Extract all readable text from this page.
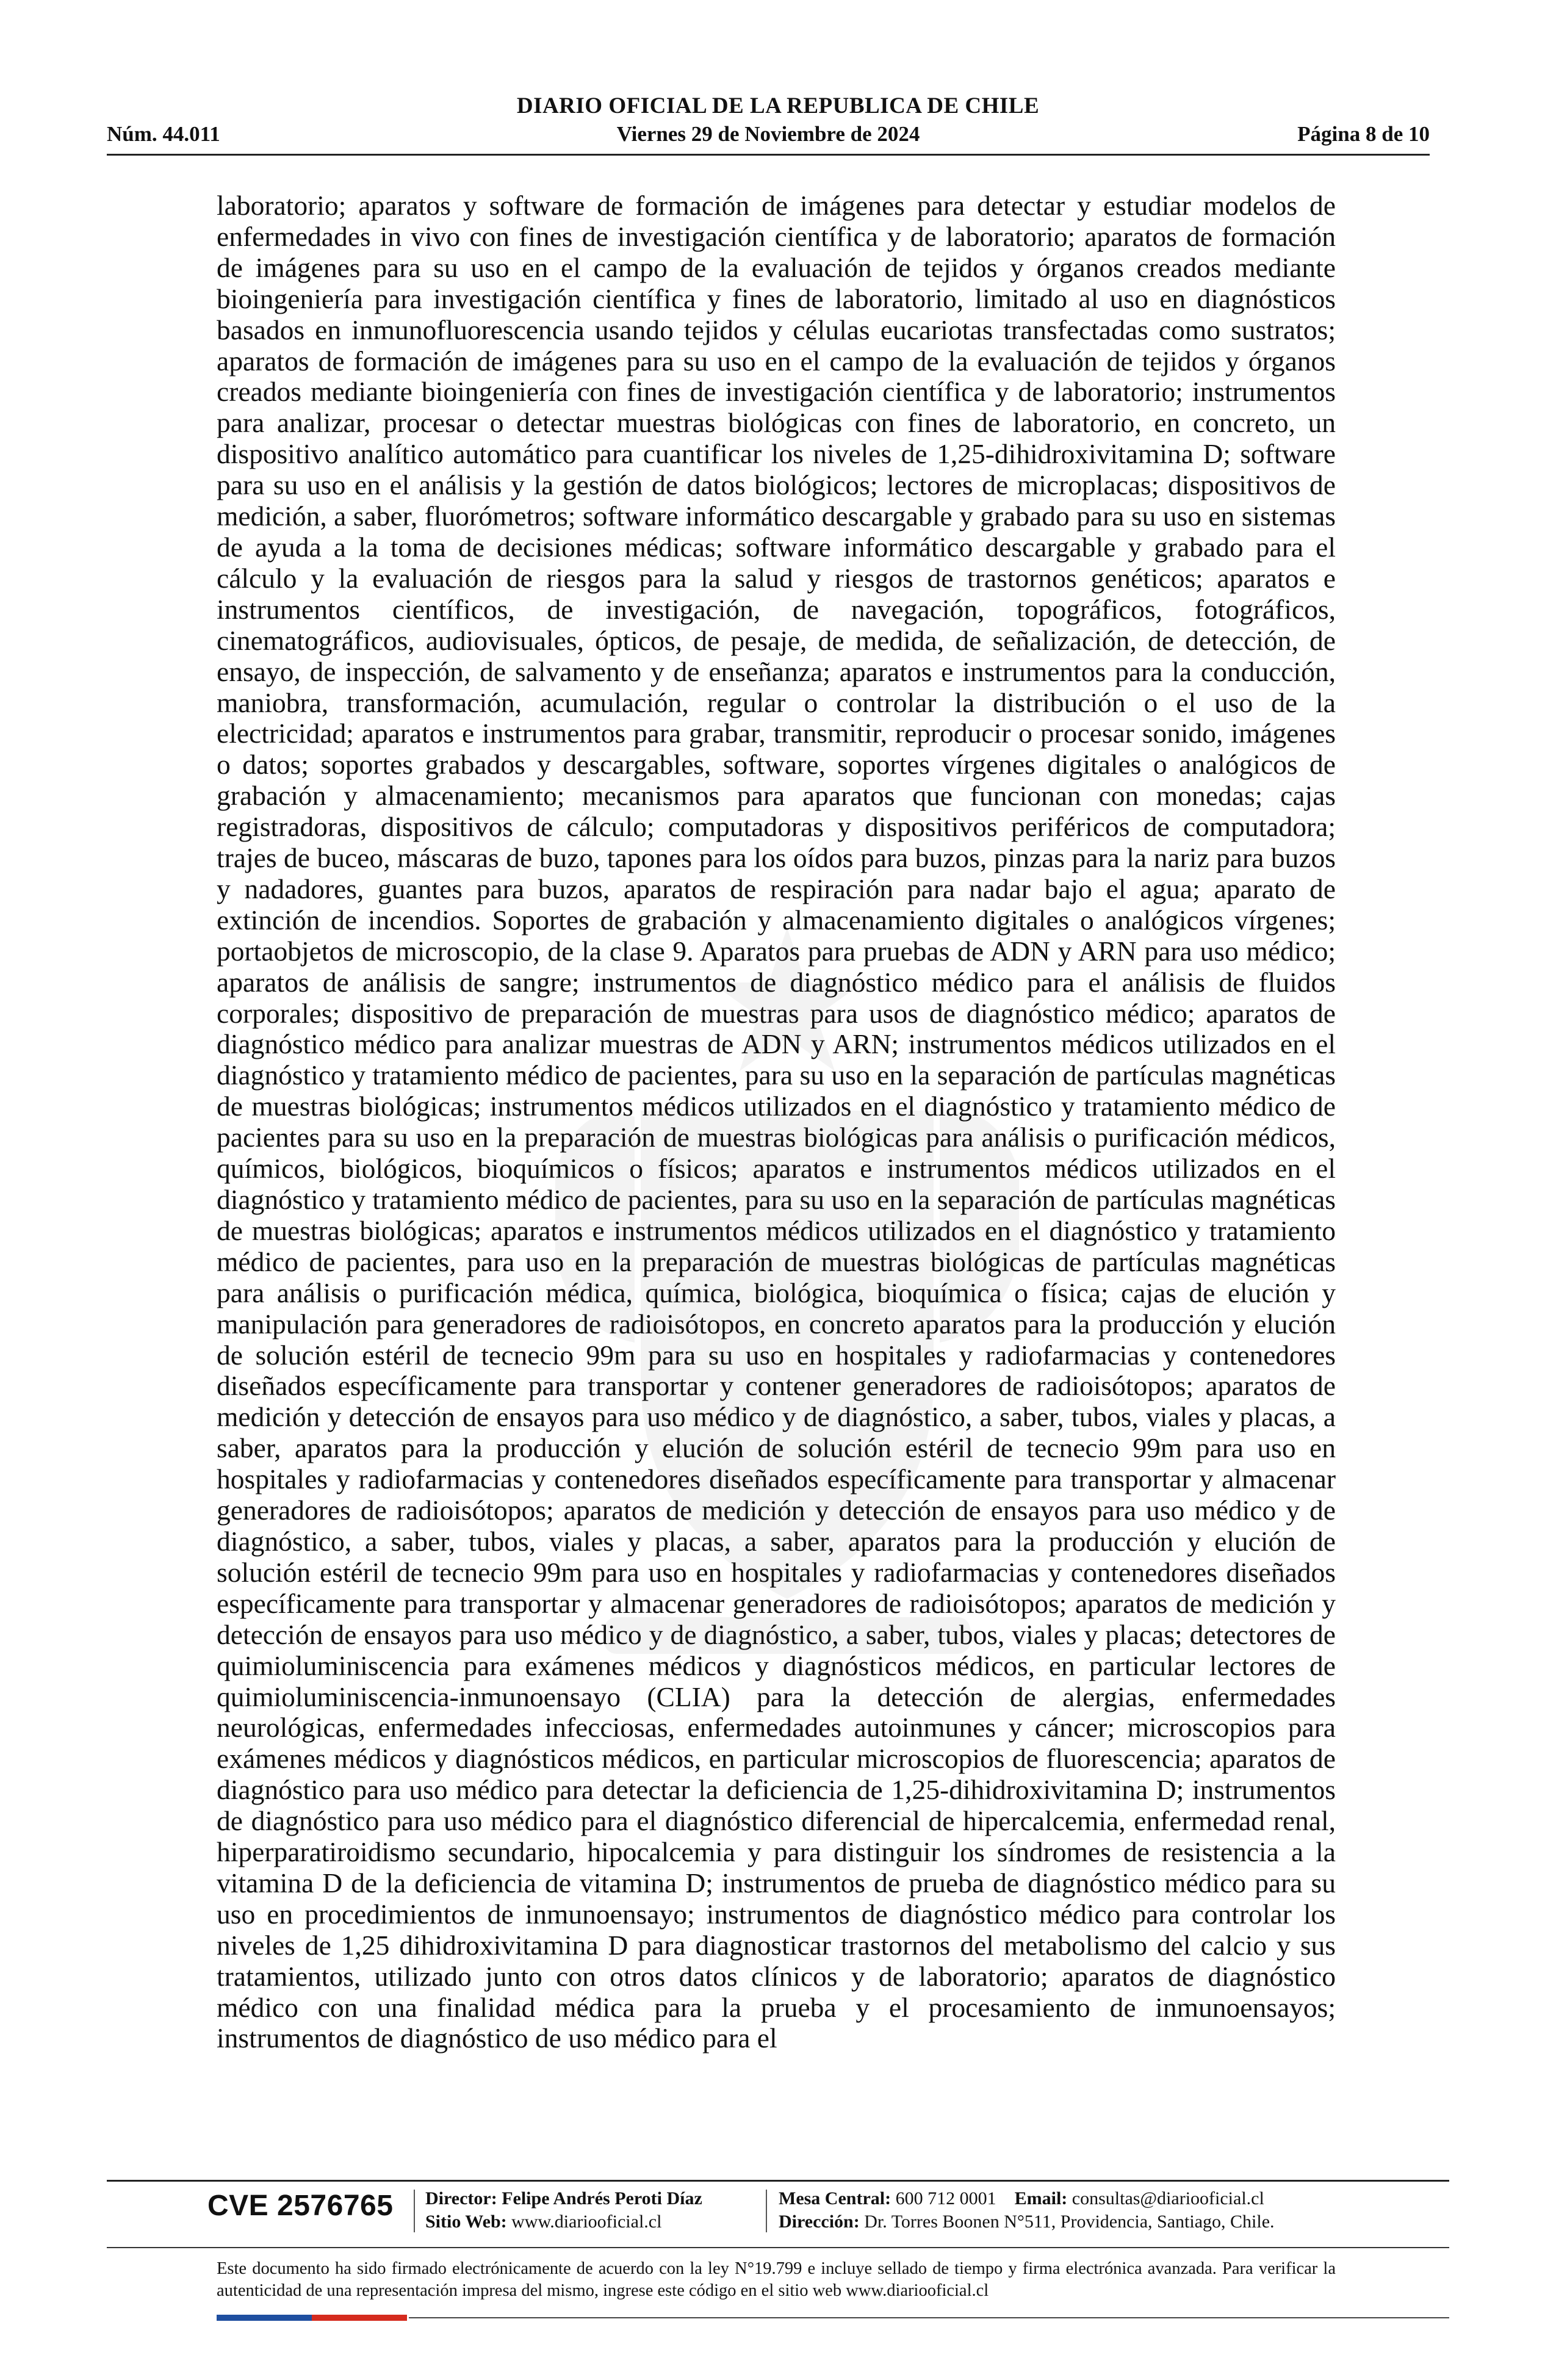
DIARIO OFICIAL DE LA REPUBLICA DE CHILE
Núm. 44.011	Viernes 29 de Noviembre de 2024	Página 8 de 10
laboratorio; aparatos y software de formación de imágenes para detectar y estudiar modelos de enfermedades in vivo con fines de investigación científica y de laboratorio; aparatos de formación de imágenes para su uso en el campo de la evaluación de tejidos y órganos creados mediante bioingeniería para investigación científica y fines de laboratorio, limitado al uso en diagnósticos basados en inmunofluorescencia usando tejidos y células eucariotas transfectadas como sustratos; aparatos de formación de imágenes para su uso en el campo de la evaluación de tejidos y órganos creados mediante bioingeniería con fines de investigación científica y de laboratorio; instrumentos para analizar, procesar o detectar muestras biológicas con fines de laboratorio, en concreto, un dispositivo analítico automático para cuantificar los niveles de 1,25-dihidroxivitamina D; software para su uso en el análisis y la gestión de datos biológicos; lectores de microplacas; dispositivos de medición, a saber, fluorómetros; software informático descargable y grabado para su uso en sistemas de ayuda a la toma de decisiones médicas; software informático descargable y grabado para el cálculo y la evaluación de riesgos para la salud y riesgos de trastornos genéticos; aparatos e instrumentos científicos, de investigación, de navegación, topográficos, fotográficos, cinematográficos, audiovisuales, ópticos, de pesaje, de medida, de señalización, de detección, de ensayo, de inspección, de salvamento y de enseñanza; aparatos e instrumentos para la conducción, maniobra, transformación, acumulación, regular o controlar la distribución o el uso de la electricidad; aparatos e instrumentos para grabar, transmitir, reproducir o procesar sonido, imágenes o datos; soportes grabados y descargables, software, soportes vírgenes digitales o analógicos de grabación y almacenamiento; mecanismos para aparatos que funcionan con monedas; cajas registradoras, dispositivos de cálculo; computadoras y dispositivos periféricos de computadora; trajes de buceo, máscaras de buzo, tapones para los oídos para buzos, pinzas para la nariz para buzos y nadadores, guantes para buzos, aparatos de respiración para nadar bajo el agua; aparato de extinción de incendios. Soportes de grabación y almacenamiento digitales o analógicos vírgenes; portaobjetos de microscopio, de la clase 9. Aparatos para pruebas de ADN y ARN para uso médico; aparatos de análisis de sangre; instrumentos de diagnóstico médico para el análisis de fluidos corporales; dispositivo de preparación de muestras para usos de diagnóstico médico; aparatos de diagnóstico médico para analizar muestras de ADN y ARN; instrumentos médicos utilizados en el diagnóstico y tratamiento médico de pacientes, para su uso en la separación de partículas magnéticas de muestras biológicas; instrumentos médicos utilizados en el diagnóstico y tratamiento médico de pacientes para su uso en la preparación de muestras biológicas para análisis o purificación médicos, químicos, biológicos, bioquímicos o físicos; aparatos e instrumentos médicos utilizados en el diagnóstico y tratamiento médico de pacientes, para su uso en la separación de partículas magnéticas de muestras biológicas; aparatos e instrumentos médicos utilizados en el diagnóstico y tratamiento médico de pacientes, para uso en la preparación de muestras biológicas de partículas magnéticas para análisis o purificación médica, química, biológica, bioquímica o física; cajas de elución y manipulación para generadores de radioisótopos, en concreto aparatos para la producción y elución de solución estéril de tecnecio 99m para su uso en hospitales y radiofarmacias y contenedores diseñados específicamente para transportar y contener generadores de radioisótopos; aparatos de medición y detección de ensayos para uso médico y de diagnóstico, a saber, tubos, viales y placas, a saber, aparatos para la producción y elución de solución estéril de tecnecio 99m para uso en hospitales y radiofarmacias y contenedores diseñados específicamente para transportar y almacenar generadores de radioisótopos; aparatos de medición y detección de ensayos para uso médico y de diagnóstico, a saber, tubos, viales y placas, a saber, aparatos para la producción y elución de solución estéril de tecnecio 99m para uso en hospitales y radiofarmacias y contenedores diseñados específicamente para transportar y almacenar generadores de radioisótopos; aparatos de medición y detección de ensayos para uso médico y de diagnóstico, a saber, tubos, viales y placas; detectores de quimioluminiscencia para exámenes médicos y diagnósticos médicos, en particular lectores de quimioluminiscencia-inmunoensayo (CLIA) para la detección de alergias, enfermedades neurológicas, enfermedades infecciosas, enfermedades autoinmunes y cáncer; microscopios para exámenes médicos y diagnósticos médicos, en particular microscopios de fluorescencia; aparatos de diagnóstico para uso médico para detectar la deficiencia de 1,25-dihidroxivitamina D; instrumentos de diagnóstico para uso médico para el diagnóstico diferencial de hipercalcemia, enfermedad renal, hiperparatiroidismo secundario, hipocalcemia y para distinguir los síndromes de resistencia a la vitamina D de la deficiencia de vitamina D; instrumentos de prueba de diagnóstico médico para su uso en procedimientos de inmunoensayo; instrumentos de diagnóstico médico para controlar los niveles de 1,25 dihidroxivitamina D para diagnosticar trastornos del metabolismo del calcio y sus tratamientos, utilizado junto con otros datos clínicos y de laboratorio; aparatos de diagnóstico médico con una finalidad médica para la prueba y el procesamiento de inmunoensayos; instrumentos de diagnóstico de uso médico para el
CVE 2576765 Director: Felipe Andrés Peroti Díaz
Sitio Web: www.diariooficial.cl
Mesa Central: 600 712 0001 Email: consultas@diariooficial.cl
Dirección: Dr. Torres Boonen N°511, Providencia, Santiago, Chile.
Este documento ha sido firmado electrónicamente de acuerdo con la ley N°19.799 e incluye sellado de tiempo y firma electrónica avanzada. Para verificar la autenticidad de una representación impresa del mismo, ingrese este código en el sitio web www.diariooficial.cl
